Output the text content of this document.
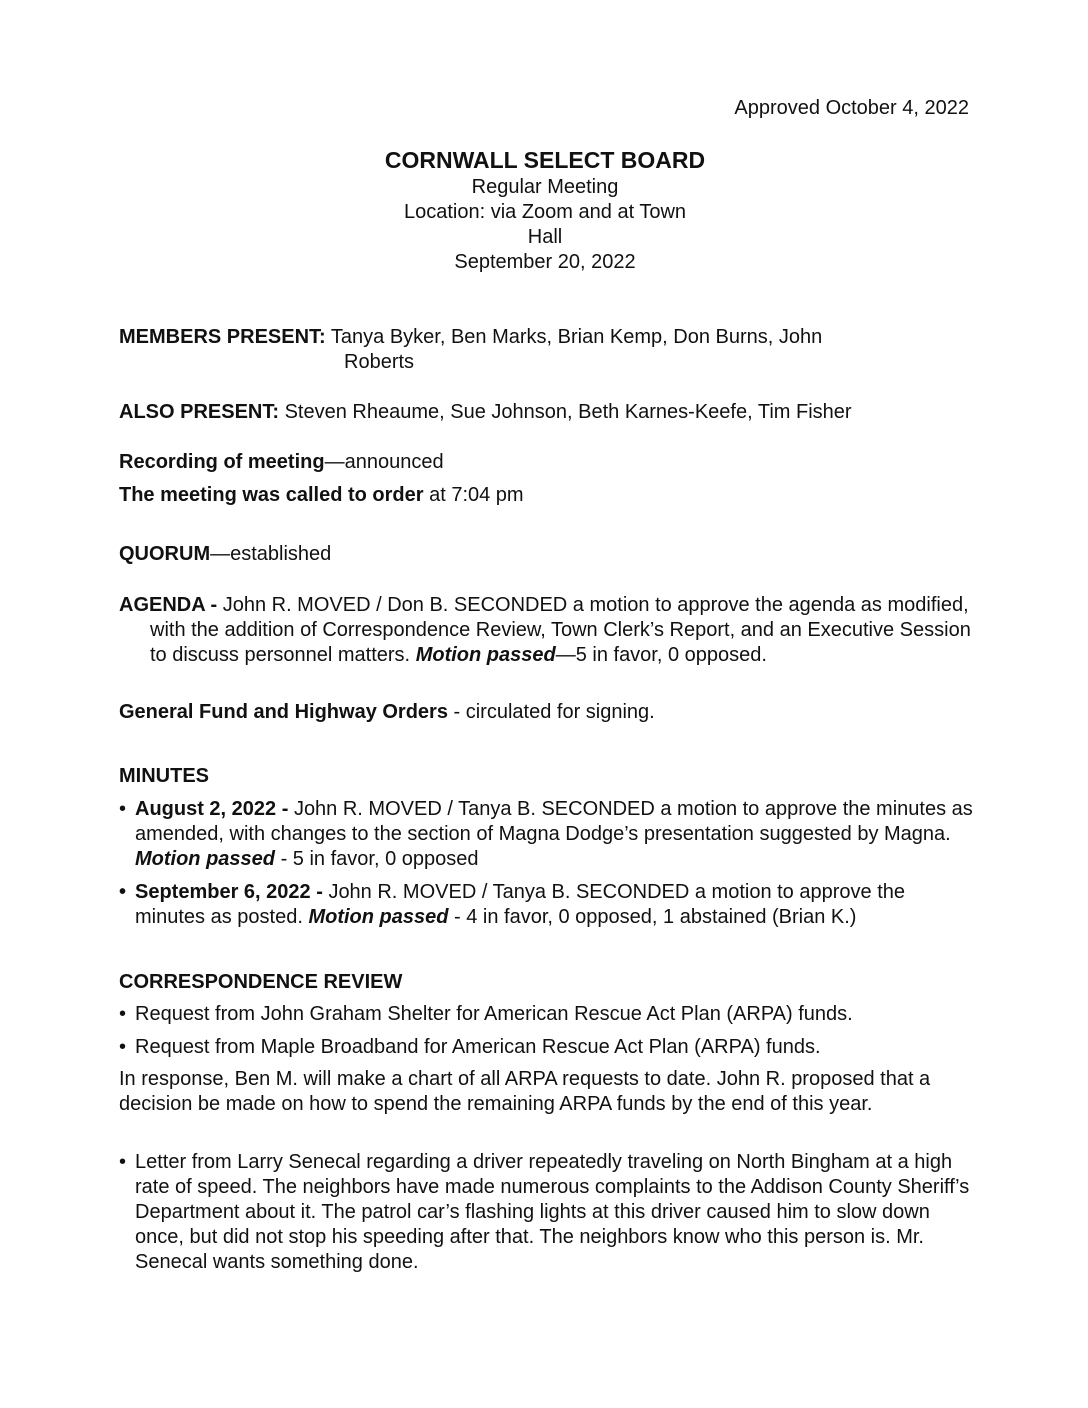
Approved October 4, 2022
CORNWALL SELECT BOARD
Regular Meeting
Location: via Zoom and at Town
Hall
September 20, 2022
MEMBERS PRESENT: Tanya Byker, Ben Marks, Brian Kemp, Don Burns, John
Roberts
ALSO PRESENT: Steven Rheaume, Sue Johnson, Beth Karnes-Keefe, Tim Fisher
Recording of meeting—announced
The meeting was called to order at 7:04 pm
QUORUM—established
AGENDA - John R. MOVED / Don B. SECONDED a motion to approve the agenda as modified, with the addition of Correspondence Review, Town Clerk’s Report, and an Executive Session to discuss personnel matters. Motion passed—5 in favor, 0 opposed.
General Fund and Highway Orders - circulated for signing.
MINUTES
• August 2, 2022 - John R. MOVED / Tanya B. SECONDED a motion to approve the minutes as amended, with changes to the section of Magna Dodge’s presentation suggested by Magna. Motion passed - 5 in favor, 0 opposed
• September 6, 2022 - John R. MOVED / Tanya B. SECONDED a motion to approve the minutes as posted. Motion passed - 4 in favor, 0 opposed, 1 abstained (Brian K.)
CORRESPONDENCE REVIEW
• Request from John Graham Shelter for American Rescue Act Plan (ARPA) funds.
• Request from Maple Broadband for American Rescue Act Plan (ARPA) funds.
In response, Ben M. will make a chart of all ARPA requests to date. John R. proposed that a decision be made on how to spend the remaining ARPA funds by the end of this year.
• Letter from Larry Senecal regarding a driver repeatedly traveling on North Bingham at a high rate of speed. The neighbors have made numerous complaints to the Addison County Sheriff’s Department about it. The patrol car’s flashing lights at this driver caused him to slow down once, but did not stop his speeding after that. The neighbors know who this person is. Mr. Senecal wants something done.
